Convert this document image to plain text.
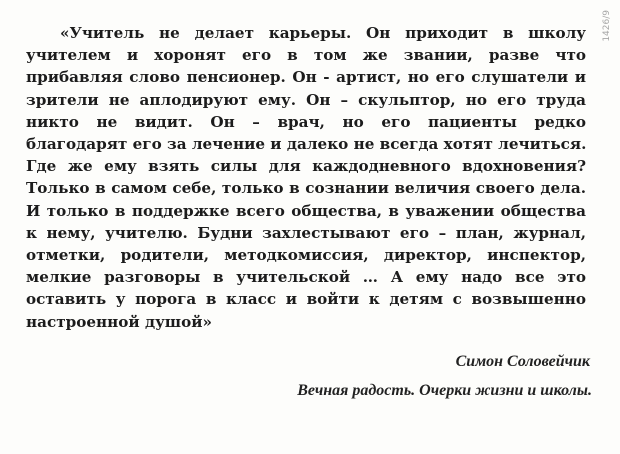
1426/9

«Учитель не делает карьеры. Он приходит в школу
учителем и хоронят его в том же звании, разве что
прибавляя слово пенсионер. Он - артист, но его слушатели и
зрители не аплодируют ему. Он – скульптор, но его труда
никто не видит. Он – врач, но его пациенты редко
благодарят его за лечение и далеко не всегда хотят лечиться.
Где же ему взять силы для каждодневного вдохновения?
Только в самом себе, только в сознании величия своего дела.
И только в поддержке всего общества, в уважении общества
к нему, учителю. Будни захлестывают его – план, журнал,
отметки, родители, методкомиссия, директор, инспектор,
мелкие разговоры в учительской … А ему надо все это
оставить у порога в класс и войти к детям с возвышенно
настроенной душой»

Симон Соловейчик

Вечная радость. Очерки жизни и школы.
